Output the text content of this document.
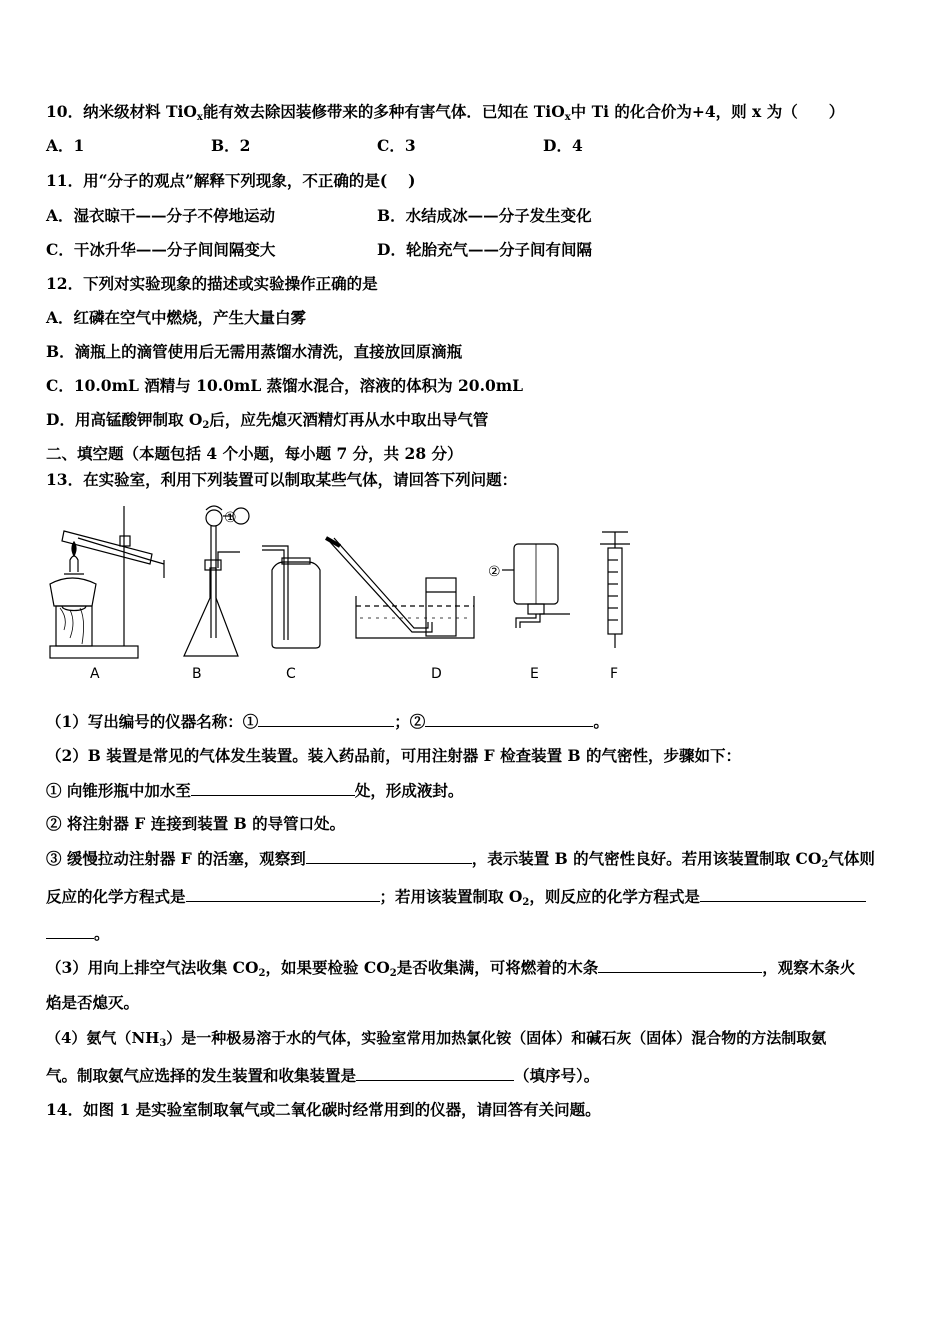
10．纳米级材料 TiO$_x$能有效去除因装修带来的多种有害气体．已知在 TiO$_x$中 Ti 的化合价为+4，则 x 为（　　）
A．1	B．2	C．3	D．4
11．用“分子的观点”解释下列现象，不正确的是(　 )
A．湿衣晾干——分子不停地运动	B．水结成冰——分子发生变化
C．干冰升华——分子间间隔变大	D．轮胎充气——分子间有间隔
12．下列对实验现象的描述或实验操作正确的是
A．红磷在空气中燃烧，产生大量白雾
B．滴瓶上的滴管使用后无需用蒸馏水清洗，直接放回原滴瓶
C．10.0mL 酒精与 10.0mL 蒸馏水混合，溶液的体积为 20.0mL
D．用高锰酸钾制取 $O_2$后，应先熄灭酒精灯再从水中取出导气管
二、填空题（本题包括 4 个小题，每小题 7 分，共 28 分）
13．在实验室，利用下列装置可以制取某些气体，请回答下列问题：
①
②
A	B	C	D	E	F
（1）写出编号的仪器名称：①	；②	。
（2）B 装置是常见的气体发生装置。装入药品前，可用注射器 F 检查装置 B 的气密性，步骤如下：
① 向锥形瓶中加水至	处，形成液封。
② 将注射器 F 连接到装置 B 的导管口处。
③ 缓慢拉动注射器 F 的活塞，观察到	，表示装置 B 的气密性良好。若用该装置制取 $CO_2$气体则
反应的化学方程式是	；若用该装置制取 $O_2$，则反应的化学方程式是
。
（3）用向上排空气法收集 $CO_2$，如果要检验 $CO_2$是否收集满，可将燃着的木条	，观察木条火
焰是否熄灭。
（4）氨气$(NH_3)$是一种极易溶于水的气体，实验室常用加热氯化铵（固体）和碱石灰（固体）混合物的方法制取氨
气。制取氨气应选择的发生装置和收集装置是	（填序号）。
14．如图 1 是实验室制取氧气或二氧化碳时经常用到的仪器，请回答有关问题。
